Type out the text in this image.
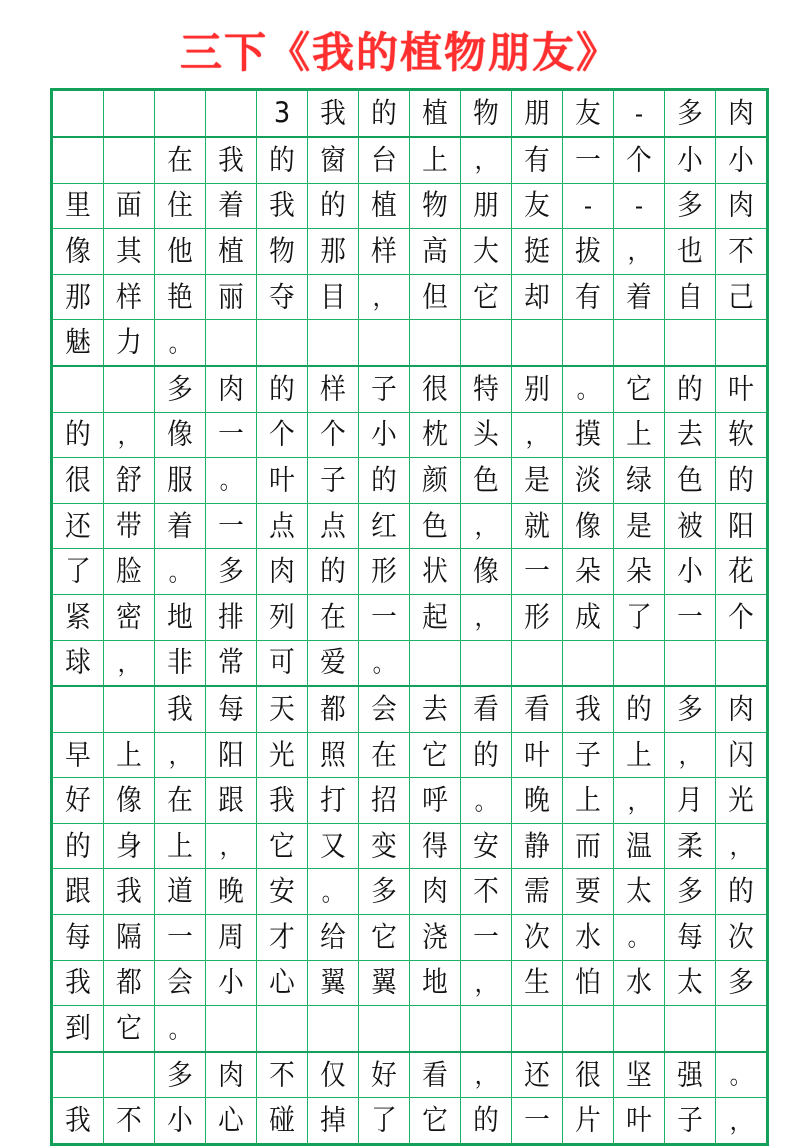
三下《我的植物朋友》

				3	我	的	植	物	朋	友	-	多	肉

		在	我	的	窗	台	上	，	有	一	个	小	小

里	面	住	着	我	的	植	物	朋	友	-	-	多	肉

像	其	他	植	物	那	样	高	大	挺	拔	，	也	不

那	样	艳	丽	夺	目	，	但	它	却	有	着	自	己

魅	力	。											

		多	肉	的	样	子	很	特	别	。	它	的	叶

的	，	像	一	个	个	小	枕	头	，	摸	上	去	软

很	舒	服	。	叶	子	的	颜	色	是	淡	绿	色	的

还	带	着	一	点	点	红	色	，	就	像	是	被	阳

了	脸	。	多	肉	的	形	状	像	一	朵	朵	小	花

紧	密	地	排	列	在	一	起	，	形	成	了	一	个

球	，	非	常	可	爱	。							

		我	每	天	都	会	去	看	看	我	的	多	肉

早	上	，	阳	光	照	在	它	的	叶	子	上	，	闪

好	像	在	跟	我	打	招	呼	。	晚	上	，	月	光

的	身	上	，	它	又	变	得	安	静	而	温	柔	，

跟	我	道	晚	安	。	多	肉	不	需	要	太	多	的

每	隔	一	周	才	给	它	浇	一	次	水	。	每	次

我	都	会	小	心	翼	翼	地	，	生	怕	水	太	多

到	它	。											

		多	肉	不	仅	好	看	，	还	很	坚	强	。

我	不	小	心	碰	掉	了	它	的	一	片	叶	子	，
